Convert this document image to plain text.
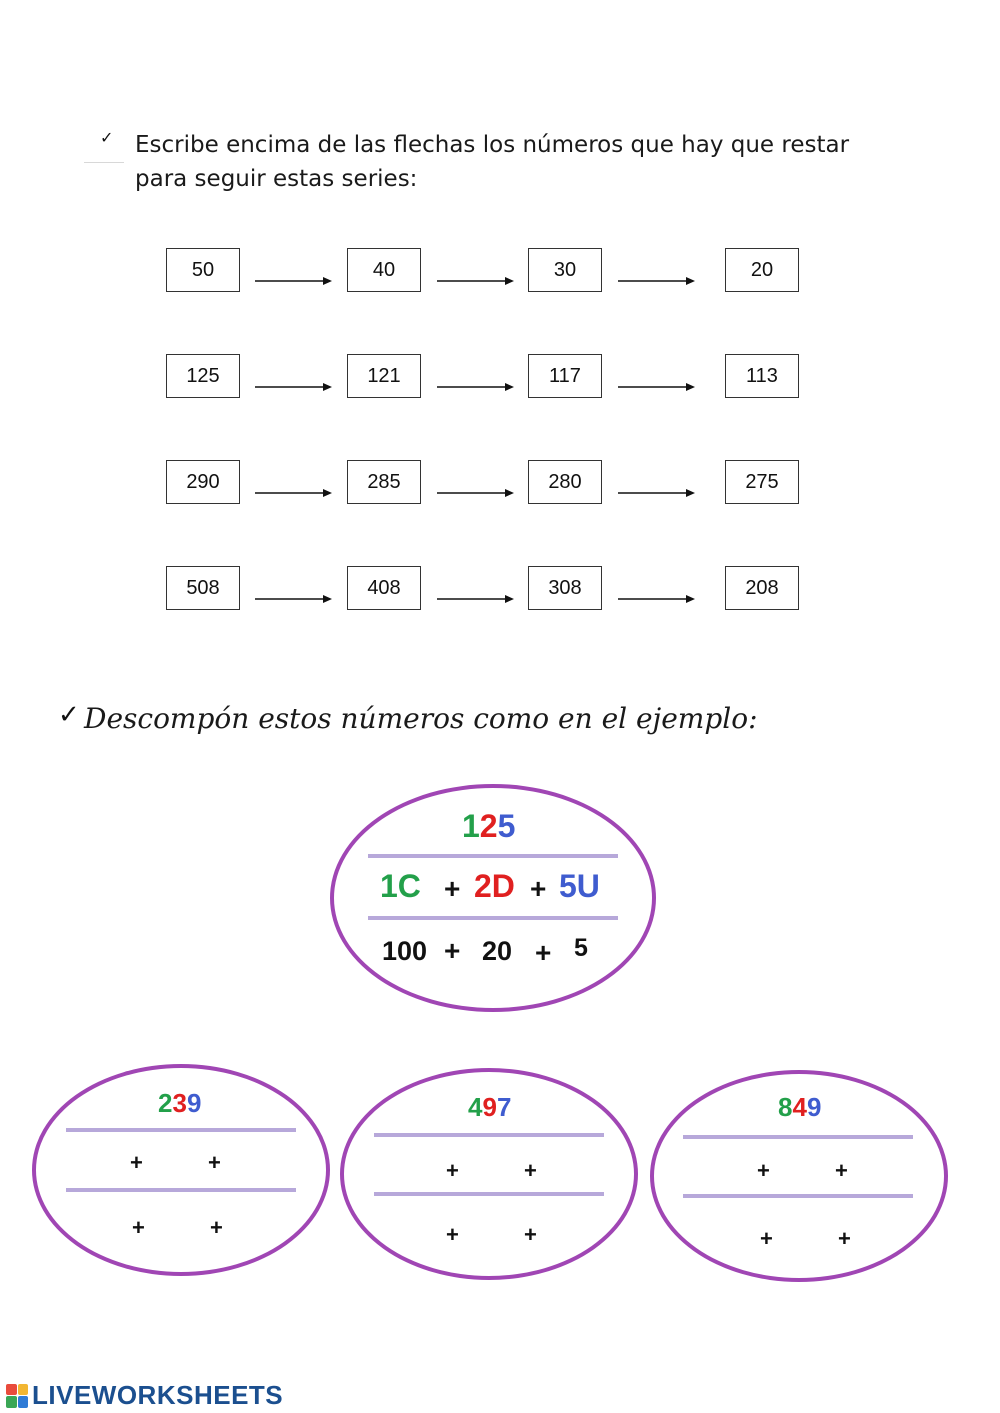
✓ Escribe encima de las flechas los números que hay que restar para seguir estas series:
50	40	30	20
125	121	117	113
290	285	280	275
508	408	308	208
✓ Descompón estos números como en el ejemplo:
125
1C + 2D + 5U
100 + 20 + 5
239
+	+
+	+
497
+	+
+	+
849
+	+
+	+
LIVEWORKSHEETS
